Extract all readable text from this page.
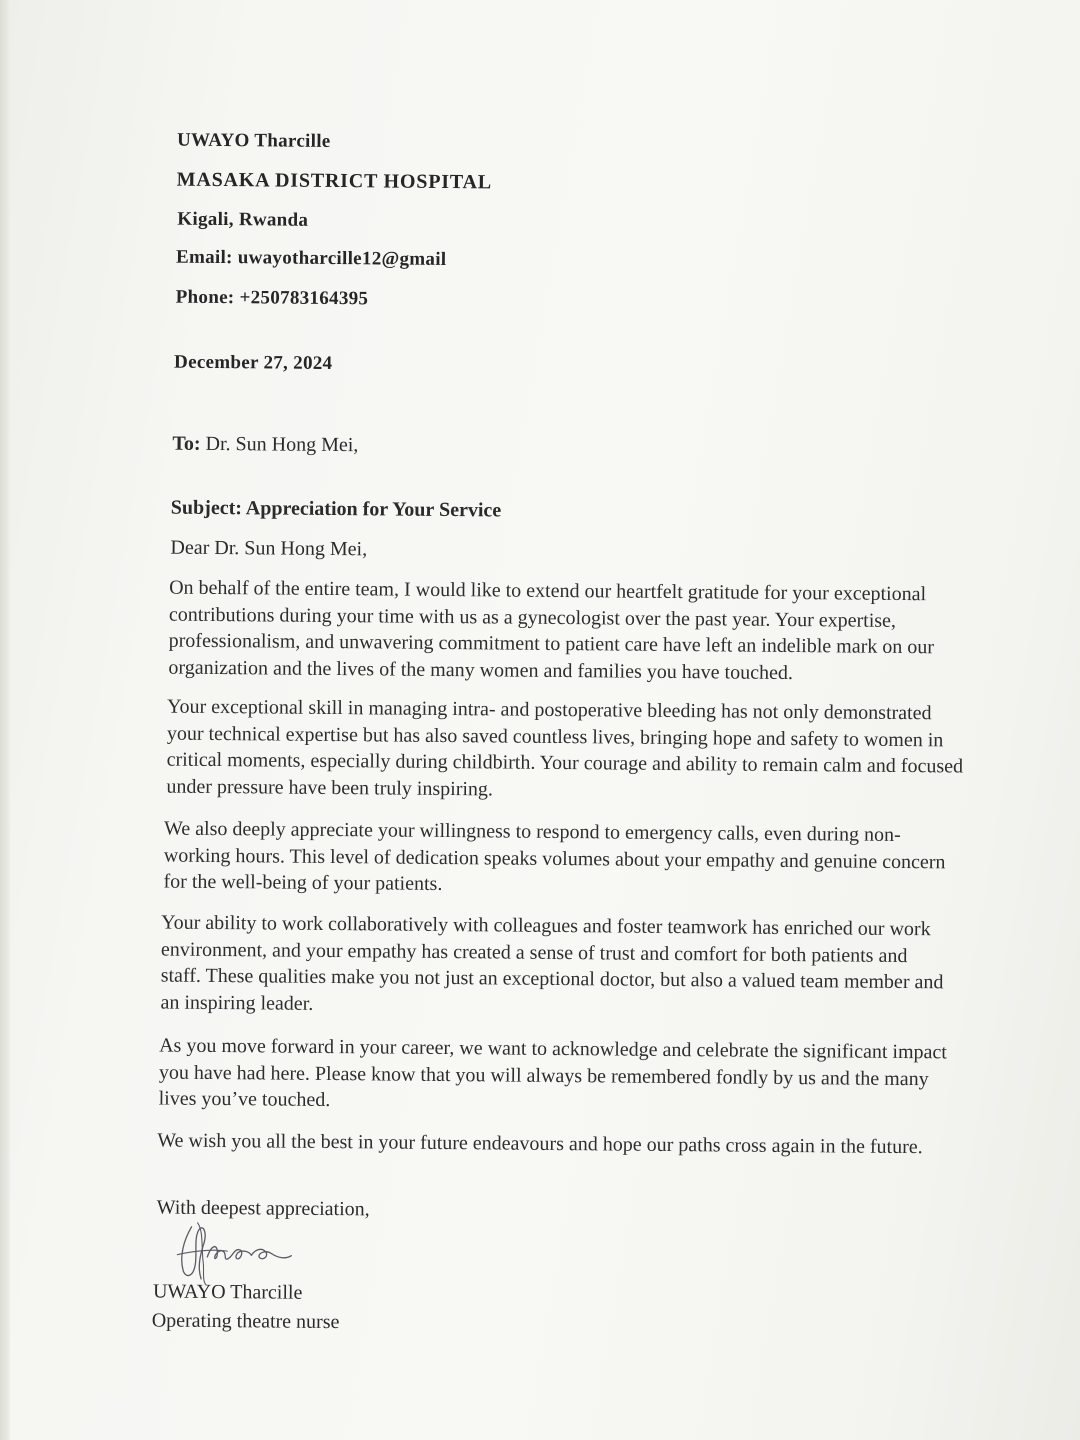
UWAYO Tharcille
MASAKA DISTRICT HOSPITAL
Kigali, Rwanda
Email: uwayotharcille12@gmail
Phone: +250783164395
December 27, 2024
To: Dr. Sun Hong Mei,
Subject: Appreciation for Your Service
Dear Dr. Sun Hong Mei,
On behalf of the entire team, I would like to extend our heartfelt gratitude for your exceptional contributions during your time with us as a gynecologist over the past year. Your expertise, professionalism, and unwavering commitment to patient care have left an indelible mark on our organization and the lives of the many women and families you have touched.
Your exceptional skill in managing intra- and postoperative bleeding has not only demonstrated your technical expertise but has also saved countless lives, bringing hope and safety to women in critical moments, especially during childbirth. Your courage and ability to remain calm and focused under pressure have been truly inspiring.
We also deeply appreciate your willingness to respond to emergency calls, even during non-working hours. This level of dedication speaks volumes about your empathy and genuine concern for the well-being of your patients.
Your ability to work collaboratively with colleagues and foster teamwork has enriched our work environment, and your empathy has created a sense of trust and comfort for both patients and staff. These qualities make you not just an exceptional doctor, but also a valued team member and an inspiring leader.
As you move forward in your career, we want to acknowledge and celebrate the significant impact you have had here. Please know that you will always be remembered fondly by us and the many lives you’ve touched.
We wish you all the best in your future endeavours and hope our paths cross again in the future.
With deepest appreciation,
UWAYO Tharcille
Operating theatre nurse
